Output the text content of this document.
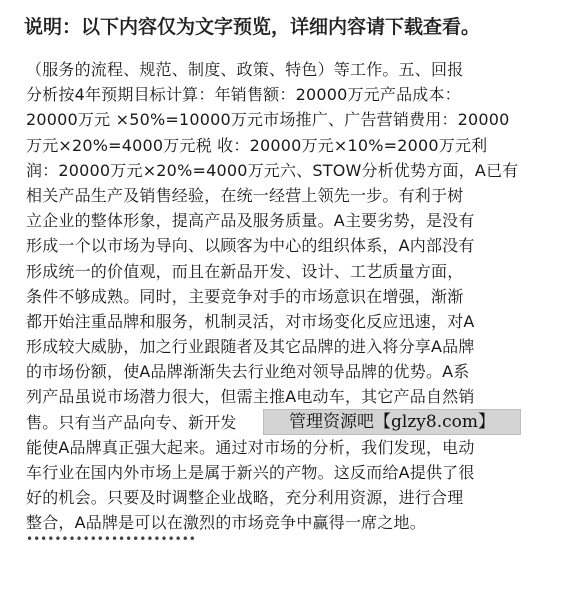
说明：以下内容仅为文字预览，详细内容请下载查看。
（服务的流程、规范、制度、政策、特色）等工作。五、回报
分析按4年预期目标计算：年销售额：20000万元产品成本：
20000万元 ×50%=10000万元市场推广、广告营销费用：20000
万元×20%=4000万元税 收：20000万元×10%=2000万元利
润：20000万元×20%=4000万元六、STOW分析优势方面，A已有
相关产品生产及销售经验，在统一经营上领先一步。有利于树
立企业的整体形象，提高产品及服务质量。A主要劣势，是没有
形成一个以市场为导向、以顾客为中心的组织体系，A内部没有
形成统一的价值观，而且在新品开发、设计、工艺质量方面，
条件不够成熟。同时，主要竞争对手的市场意识在增强，渐渐
都开始注重品牌和服务，机制灵活，对市场变化反应迅速，对A
形成较大威胁，加之行业跟随者及其它品牌的进入将分享A品牌
的市场份额，使A品牌渐渐失去行业绝对领导品牌的优势。A系
列产品虽说市场潜力很大，但需主推A电动车，其它产品自然销
售。只有当产品向专、新开发
能使A品牌真正强大起来。通过对市场的分析，我们发现，电动
车行业在国内外市场上是属于新兴的产物。这反而给A提供了很
好的机会。只要及时调整企业战略，充分利用资源，进行合理
整合，A品牌是可以在激烈的市场竞争中赢得一席之地。
••••••••••••••••••••••••
管理资源吧【glzy8.com】
